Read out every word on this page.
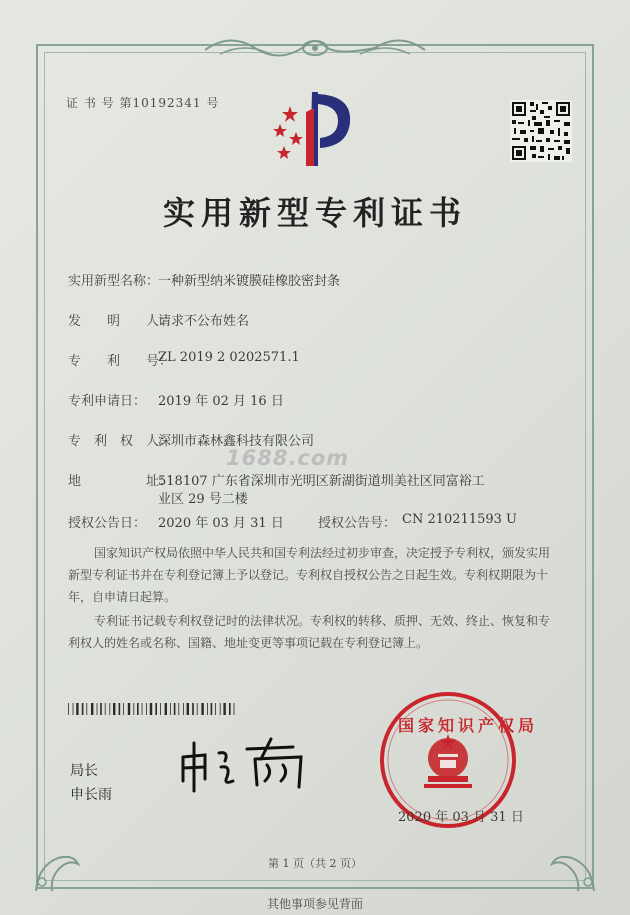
证 书 号 第10192341 号
实用新型专利证书
实用新型名称：
一种新型纳米镀膜硅橡胶密封条
发　　明　　人：
请求不公布姓名
专　　利　　号：
ZL 2019 2 0202571.1
专利申请日： 2019 年 02 月 16 日
专　利　权　人：
深圳市森林鑫科技有限公司
1688.com
地　　　　　址：
518107 广东省深圳市光明区新湖街道圳美社区同富裕工
业区 29 号二楼
授权公告日： 2020 年 03 月 31 日	授权公告号： CN 210211593 U
国家知识产权局依照中华人民共和国专利法经过初步审查，决定授予专利权，颁发实用
新型专利证书并在专利登记簿上予以登记。专利权自授权公告之日起生效。专利权期限为十
年，自申请日起算。
专利证书记载专利权登记时的法律状况。专利权的转移、质押、无效、终止、恢复和专
利权人的姓名或名称、国籍、地址变更等事项记载在专利登记簿上。
局长
申长雨
国家知识产权局
2020 年 03 月 31 日
第 1 页（共 2 页）
其他事项参见背面
